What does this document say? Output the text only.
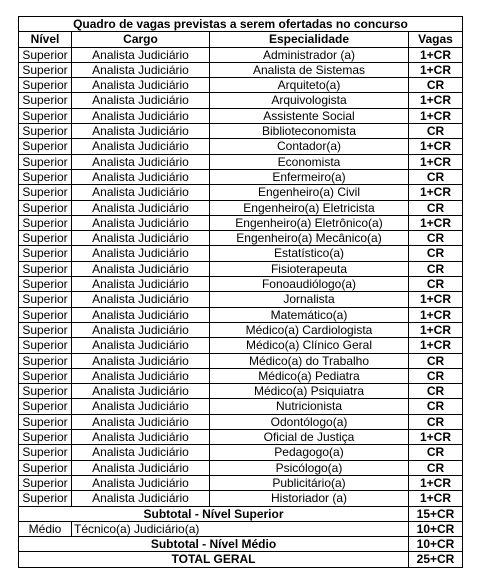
Quadro de vagas previstas a serem ofertadas no concurso			
Nível	Cargo	Especialidade	Vagas
Superior	Analista Judiciário	Administrador (a)	1+CR
Superior	Analista Judiciário	Analista de Sistemas	1+CR
Superior	Analista Judiciário	Arquiteto(a)	CR
Superior	Analista Judiciário	Arquivologista	1+CR
Superior	Analista Judiciário	Assistente Social	1+CR
Superior	Analista Judiciário	Biblioteconomista	CR
Superior	Analista Judiciário	Contador(a)	1+CR
Superior	Analista Judiciário	Economista	1+CR
Superior	Analista Judiciário	Enfermeiro(a)	CR
Superior	Analista Judiciário	Engenheiro(a) Civil	1+CR
Superior	Analista Judiciário	Engenheiro(a) Eletricista	CR
Superior	Analista Judiciário	Engenheiro(a) Eletrônico(a)	1+CR
Superior	Analista Judiciário	Engenheiro(a) Mecânico(a)	CR
Superior	Analista Judiciário	Estatístico(a)	CR
Superior	Analista Judiciário	Fisioterapeuta	CR
Superior	Analista Judiciário	Fonoaudiólogo(a)	CR
Superior	Analista Judiciário	Jornalista	1+CR
Superior	Analista Judiciário	Matemático(a)	1+CR
Superior	Analista Judiciário	Médico(a) Cardiologista	1+CR
Superior	Analista Judiciário	Médico(a) Clínico Geral	1+CR
Superior	Analista Judiciário	Médico(a) do Trabalho	CR
Superior	Analista Judiciário	Médico(a) Pediatra	CR
Superior	Analista Judiciário	Médico(a) Psiquiatra	CR
Superior	Analista Judiciário	Nutricionista	CR
Superior	Analista Judiciário	Odontólogo(a)	CR
Superior	Analista Judiciário	Oficial de Justiça	1+CR
Superior	Analista Judiciário	Pedagogo(a)	CR
Superior	Analista Judiciário	Psicólogo(a)	CR
Superior	Analista Judiciário	Publicitário(a)	1+CR
Superior	Analista Judiciário	Historiador (a)	1+CR
Subtotal - Nível Superior			15+CR
Médio	Técnico(a) Judiciário(a)		10+CR
Subtotal - Nível Médio			10+CR
TOTAL GERAL			25+CR
